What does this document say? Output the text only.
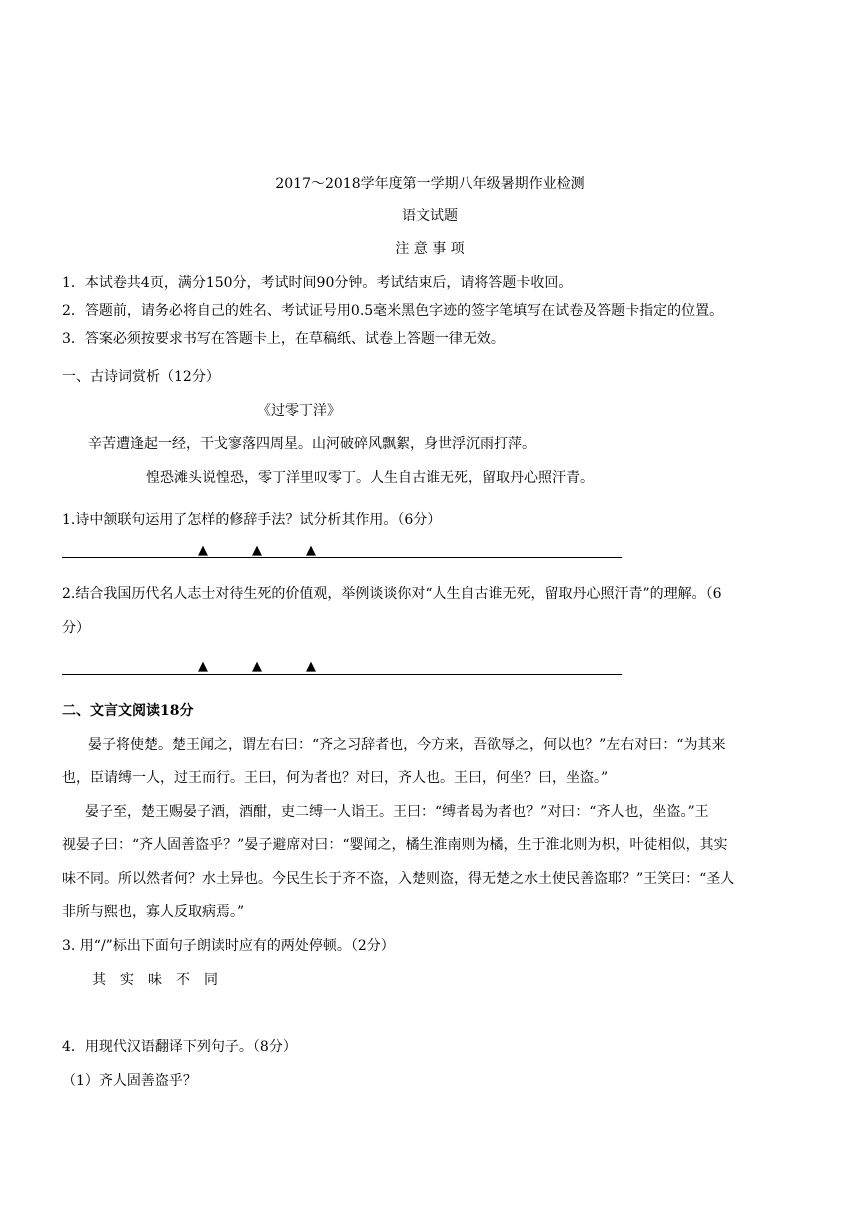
2017～2018学年度第一学期八年级暑期作业检测
语文试题
注 意 事 项
1．本试卷共4页，满分150分，考试时间90分钟。考试结束后，请将答题卡收回。
2．答题前，请务必将自己的姓名、考试证号用0.5毫米黑色字迹的签字笔填写在试卷及答题卡指定的位置。
3．答案必须按要求书写在答题卡上，在草稿纸、试卷上答题一律无效。
一、古诗词赏析（12分）
《过零丁洋》
辛苦遭逢起一经，干戈寥落四周星。山河破碎风飘絮，身世浮沉雨打萍。
惶恐滩头说惶恐，零丁洋里叹零丁。人生自古谁无死，留取丹心照汗青。
1.诗中颔联句运用了怎样的修辞手法？试分析其作用。（6分）
▲	▲	▲
2.结合我国历代名人志士对待生死的价值观，举例谈谈你对“人生自古谁无死，留取丹心照汗青”的理解。（6
分）
▲	▲	▲
二、文言文阅读18分
晏子将使楚。楚王闻之，谓左右曰：“齐之习辞者也，今方来，吾欲辱之，何以也？”左右对曰：“为其来
也，臣请缚一人，过王而行。王曰，何为者也？对曰，齐人也。王曰，何坐？曰，坐盗。”
晏子至，楚王赐晏子酒，酒酣，吏二缚一人诣王。王曰：“缚者曷为者也？”对曰：“齐人也，坐盗。”王
视晏子曰：“齐人固善盗乎？”晏子避席对曰：“婴闻之，橘生淮南则为橘，生于淮北则为枳，叶徒相似，其实
味不同。所以然者何？水土异也。今民生长于齐不盗，入楚则盗，得无楚之水土使民善盗耶？”王笑曰：“圣人
非所与熙也，寡人反取病焉。”
3. 用“/”标出下面句子朗读时应有的两处停顿。（2分）
其　实　味　不　同
4．用现代汉语翻译下列句子。（8分）
（1）齐人固善盗乎？
